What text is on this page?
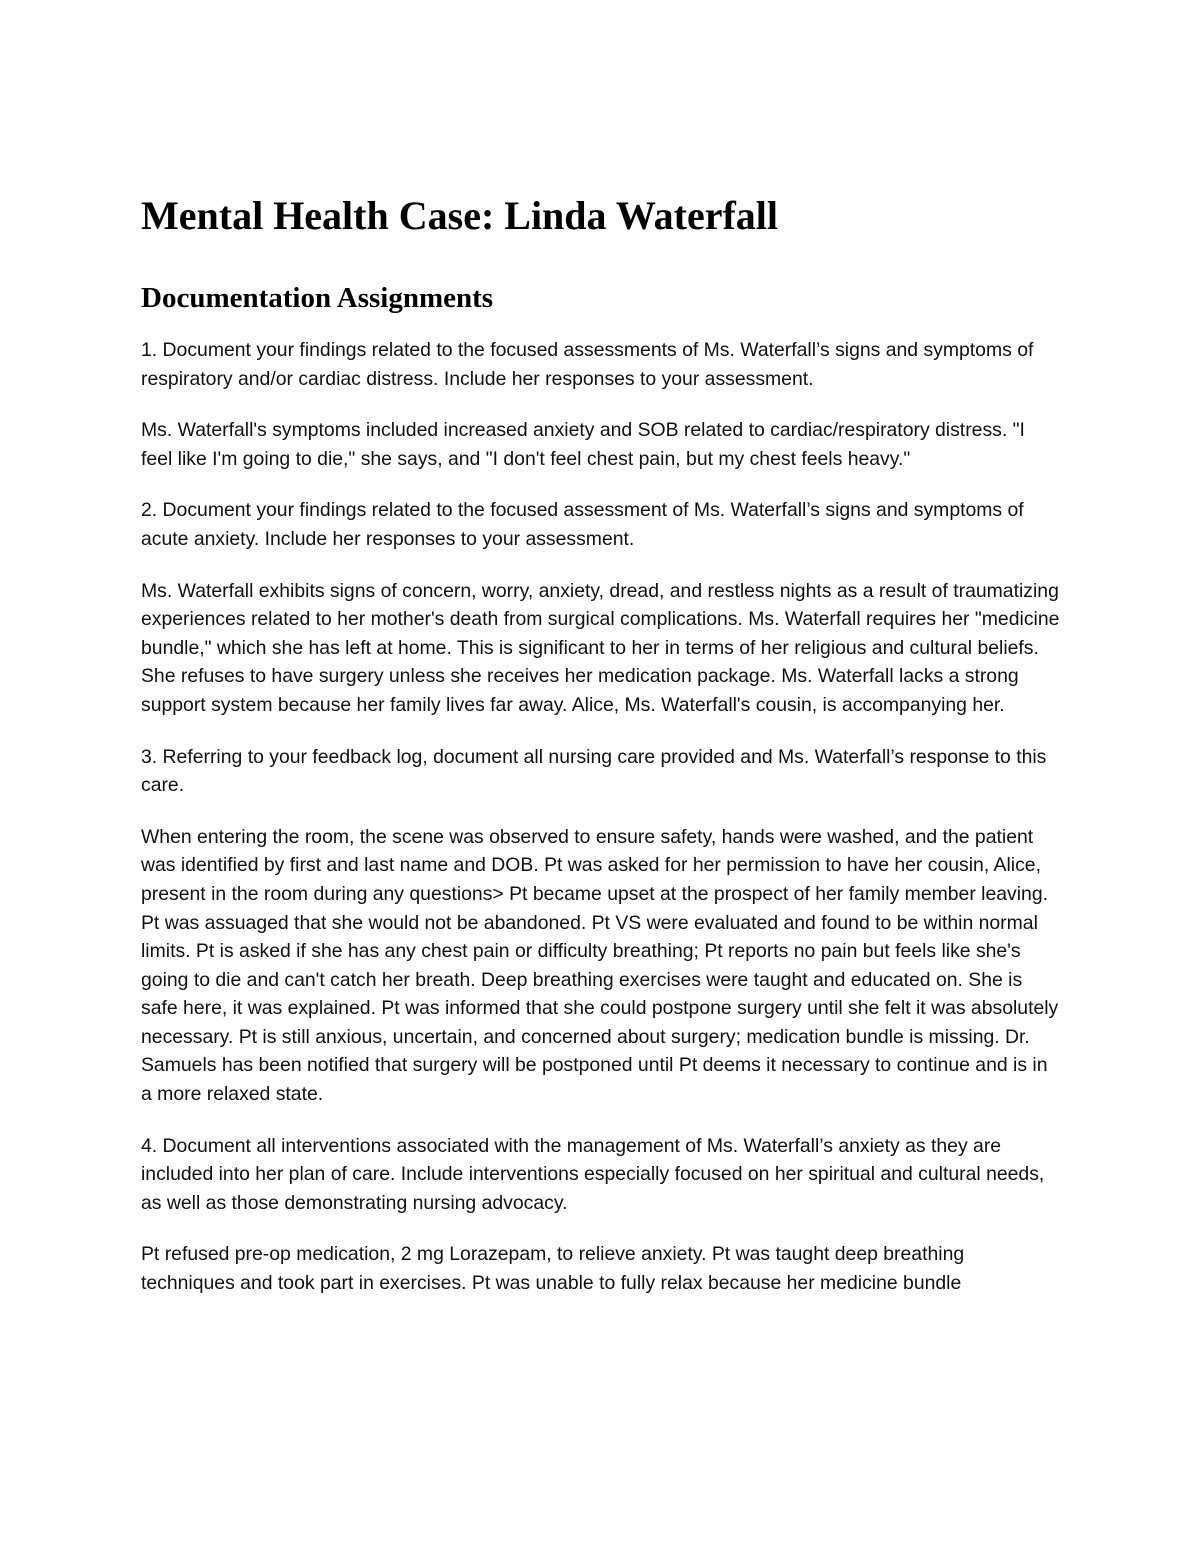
Mental Health Case: Linda Waterfall
Documentation Assignments

1. Document your findings related to the focused assessments of Ms. Waterfall’s signs and symptoms of respiratory and/or cardiac distress. Include her responses to your assessment.

Ms. Waterfall's symptoms included increased anxiety and SOB related to cardiac/respiratory distress. "I feel like I'm going to die," she says, and "I don't feel chest pain, but my chest feels heavy."

2. Document your findings related to the focused assessment of Ms. Waterfall’s signs and symptoms of acute anxiety. Include her responses to your assessment.

Ms. Waterfall exhibits signs of concern, worry, anxiety, dread, and restless nights as a result of traumatizing experiences related to her mother's death from surgical complications. Ms. Waterfall requires her "medicine bundle," which she has left at home. This is significant to her in terms of her religious and cultural beliefs. She refuses to have surgery unless she receives her medication package. Ms. Waterfall lacks a strong support system because her family lives far away. Alice, Ms. Waterfall's cousin, is accompanying her.

3. Referring to your feedback log, document all nursing care provided and Ms. Waterfall’s response to this care.

When entering the room, the scene was observed to ensure safety, hands were washed, and the patient was identified by first and last name and DOB. Pt was asked for her permission to have her cousin, Alice, present in the room during any questions> Pt became upset at the prospect of her family member leaving. Pt was assuaged that she would not be abandoned. Pt VS were evaluated and found to be within normal limits. Pt is asked if she has any chest pain or difficulty breathing; Pt reports no pain but feels like she's going to die and can't catch her breath. Deep breathing exercises were taught and educated on. She is safe here, it was explained. Pt was informed that she could postpone surgery until she felt it was absolutely necessary. Pt is still anxious, uncertain, and concerned about surgery; medication bundle is missing. Dr. Samuels has been notified that surgery will be postponed until Pt deems it necessary to continue and is in a more relaxed state.

4. Document all interventions associated with the management of Ms. Waterfall’s anxiety as they are included into her plan of care. Include interventions especially focused on her spiritual and cultural needs, as well as those demonstrating nursing advocacy.

Pt refused pre-op medication, 2 mg Lorazepam, to relieve anxiety. Pt was taught deep breathing techniques and took part in exercises. Pt was unable to fully relax because her medicine bundle
